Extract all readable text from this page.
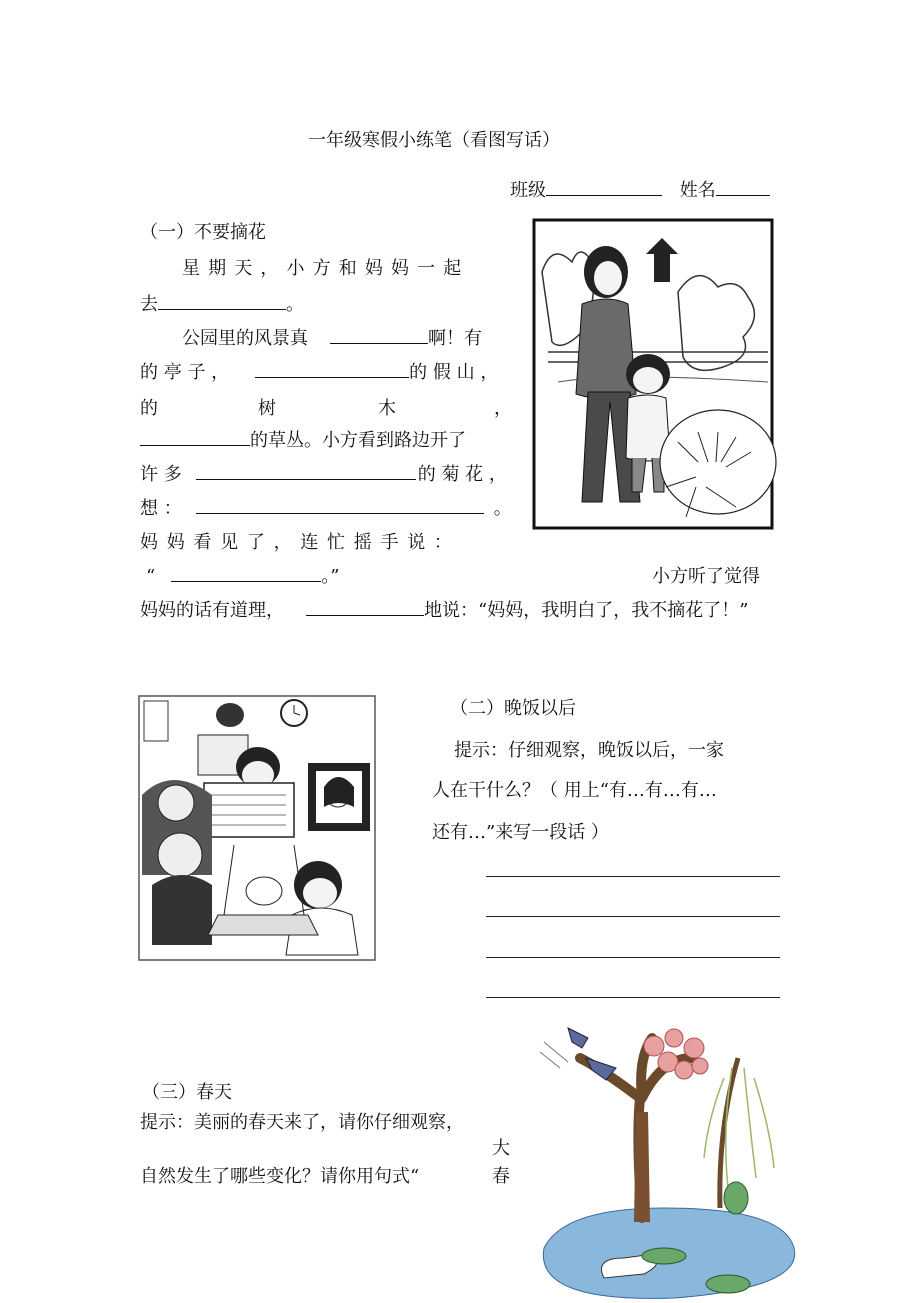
一年级寒假小练笔（看图写话）
班级	姓名
（一）不要摘花
星 期 天 ， 小 方 和 妈 妈 一 起
去	。
公园里的风景真	啊！有
的 亭 子 ，	的 假 山 ，
的	树	木	，
的草丛。小方看到路边开了
许 多	的 菊 花 ，
想 ：	。
妈 妈 看 见 了 ， 连 忙 摇 手 说 ：
“	。”	小方听了觉得
妈妈的话有道理，	地说：“妈妈，我明白了，我不摘花了！”
（二）晚饭以后
提示：仔细观察，晚饭以后，一家
人在干什么？（ 用上“有…有…有…
还有…”来写一段话 ）
（三）春天
提示：美丽的春天来了，请你仔细观察，
大
自然发生了哪些变化？请你用句式“	春
